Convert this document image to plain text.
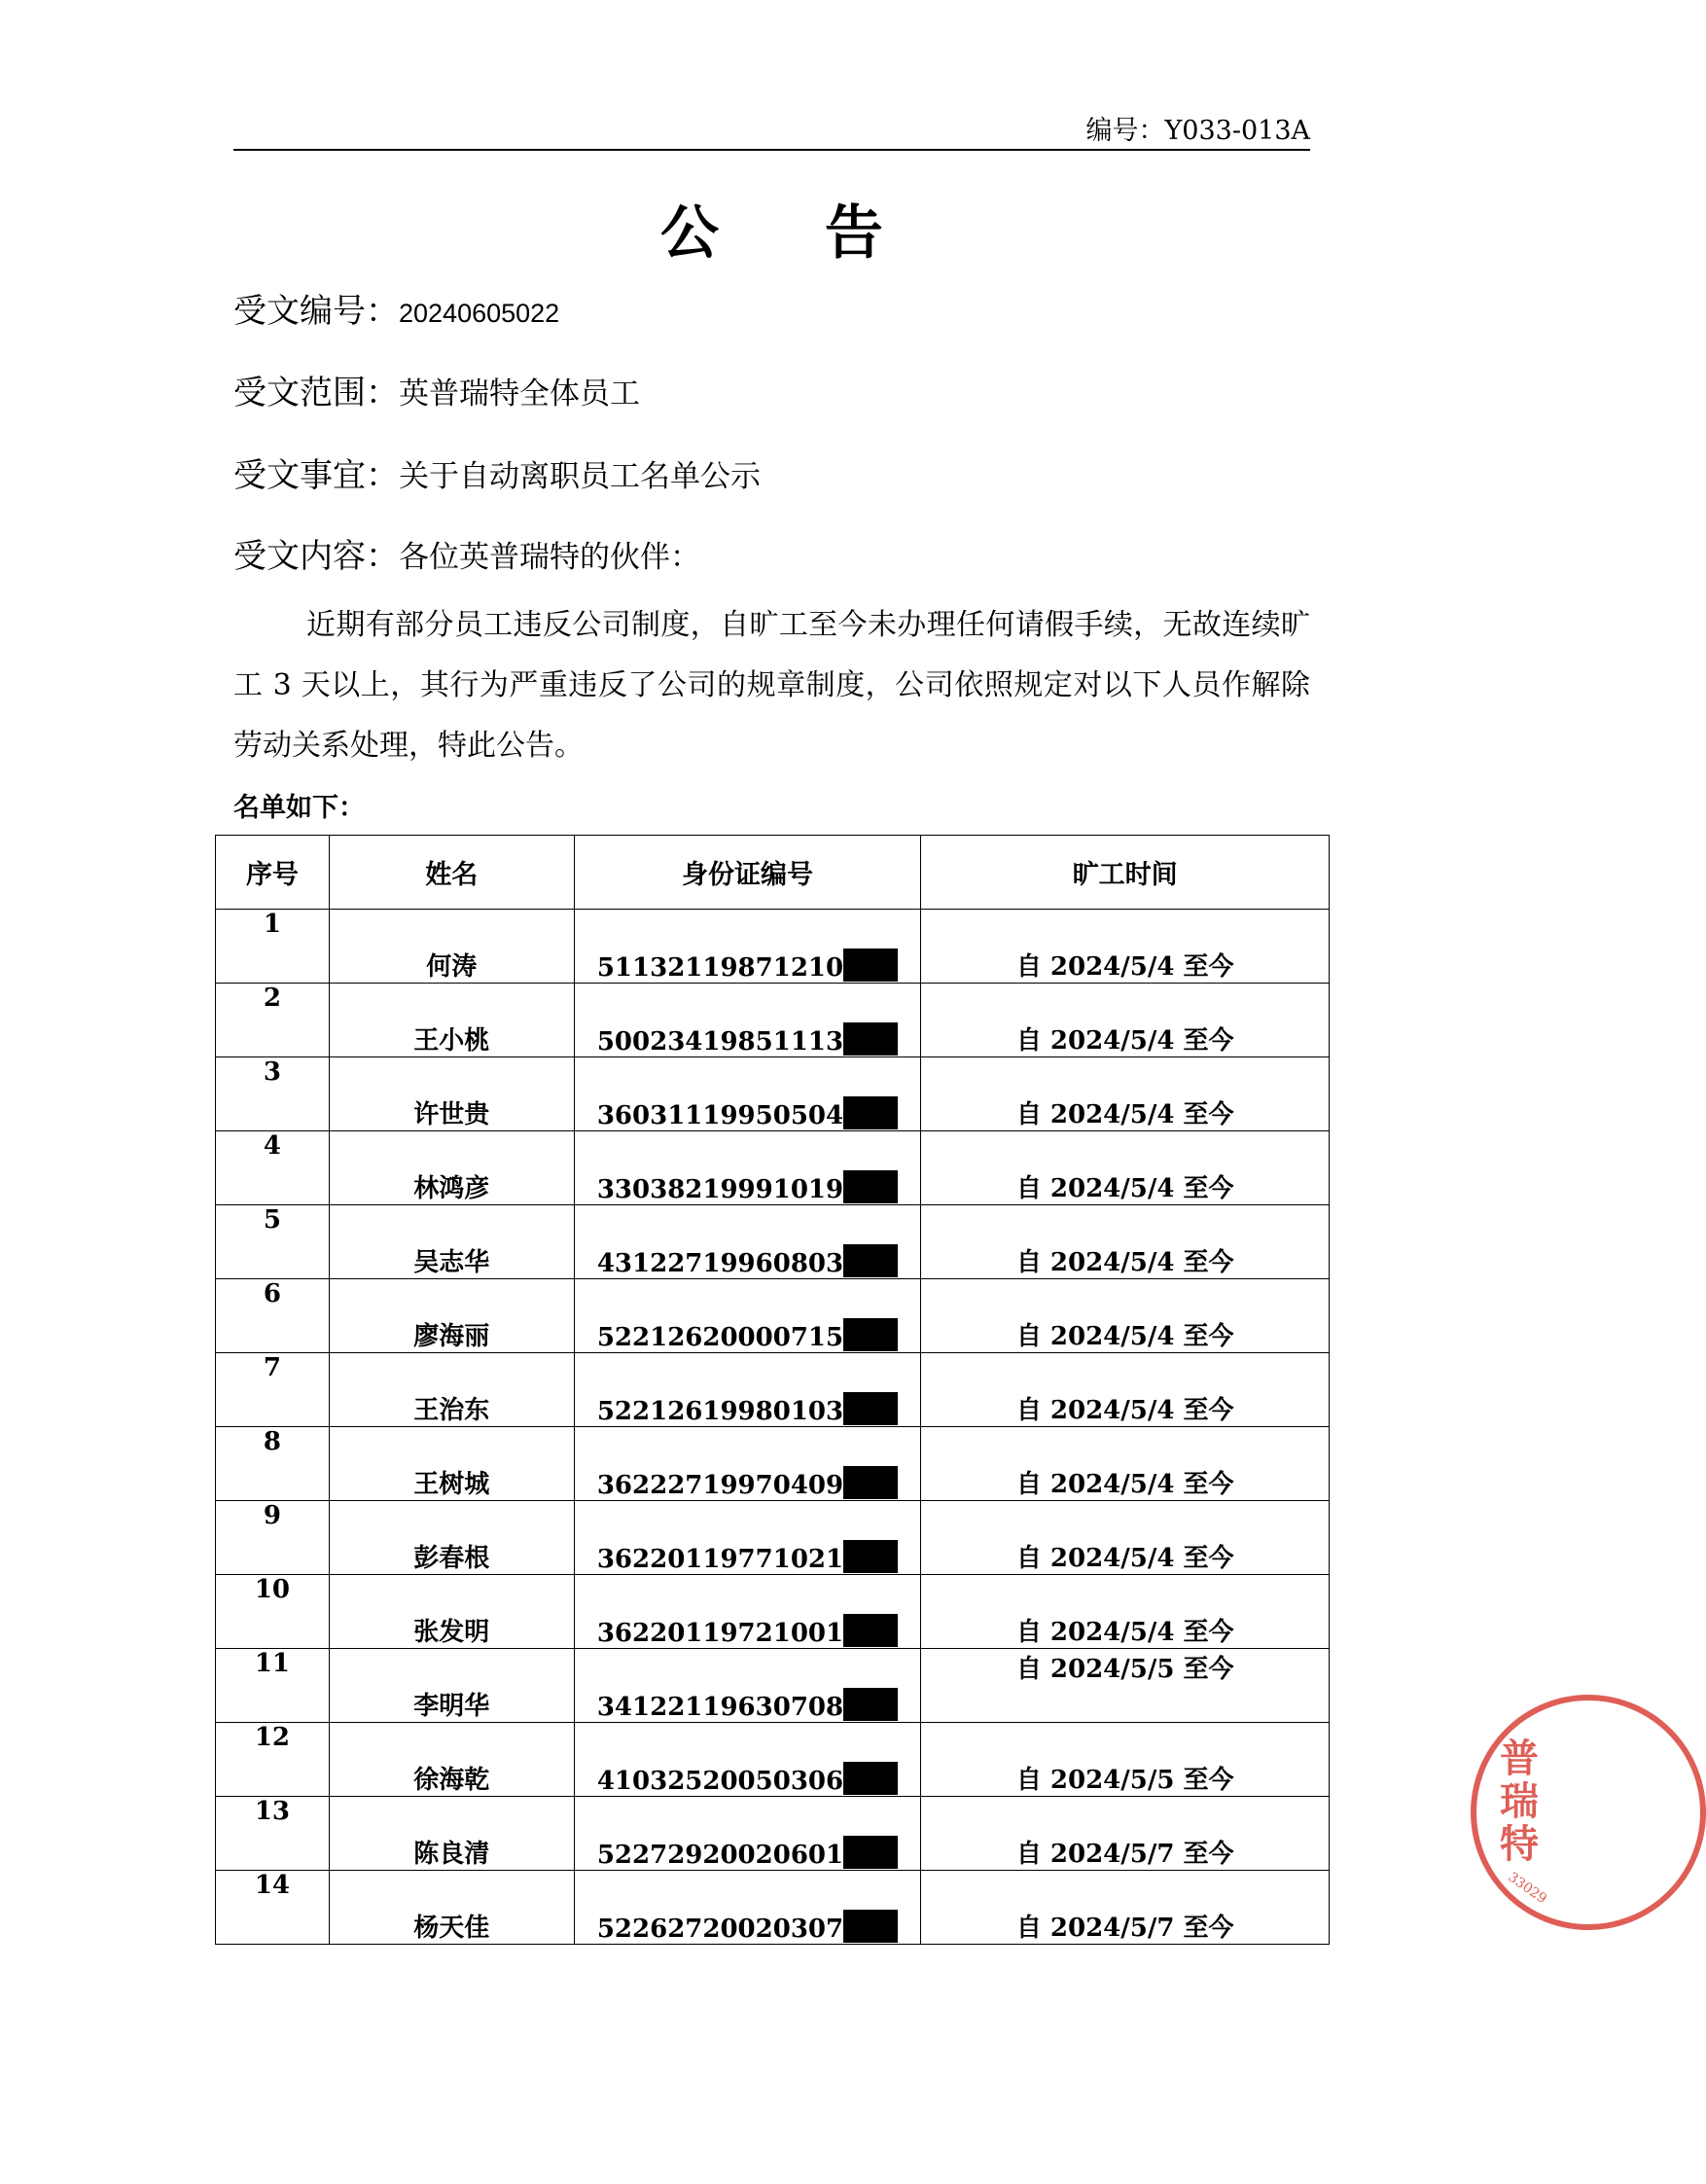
编号：Y033-013A
公 告
受文编号：20240605022
受文范围：英普瑞特全体员工
受文事宜：关于自动离职员工名单公示
受文内容：各位英普瑞特的伙伴：
近期有部分员工违反公司制度，自旷工至今未办理任何请假手续，无故连续旷工 3 天以上，其行为严重违反了公司的规章制度，公司依照规定对以下人员作解除劳动关系处理，特此公告。
名单如下：
序号	姓名	身份证编号	旷工时间
1	何涛	51132119871210	自 2024/5/4 至今
2	王小桃	50023419851113	自 2024/5/4 至今
3	许世贵	36031119950504	自 2024/5/4 至今
4	林鸿彦	33038219991019	自 2024/5/4 至今
5	吴志华	43122719960803	自 2024/5/4 至今
6	廖海丽	52212620000715	自 2024/5/4 至今
7	王治东	52212619980103	自 2024/5/4 至今
8	王树城	36222719970409	自 2024/5/4 至今
9	彭春根	36220119771021	自 2024/5/4 至今
10	张发明	36220119721001	自 2024/5/4 至今
11	李明华	34122119630708	自 2024/5/5 至今
12	徐海乾	41032520050306	自 2024/5/5 至今
13	陈良清	52272920020601	自 2024/5/7 至今
14	杨天佳	52262720020307	自 2024/5/7 至今
普
瑞
特
33029
